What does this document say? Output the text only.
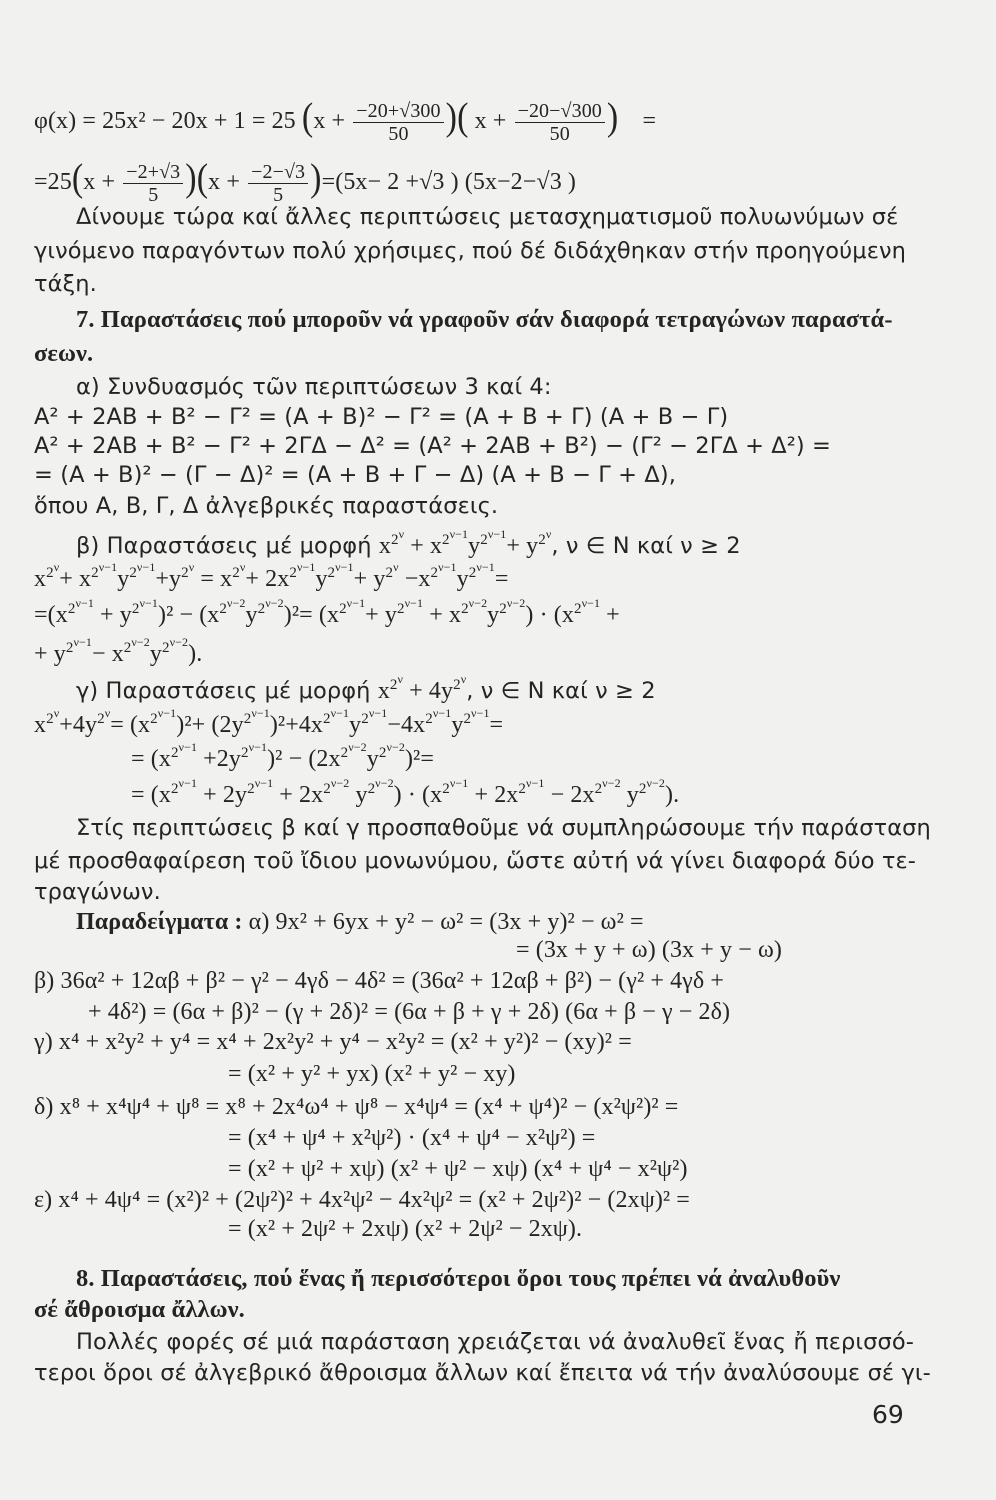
φ(x) = 25x² − 20x + 1 = 25 ($x + \frac{-20+√300}{50}$ )( $x + \frac{-20-√300}{50}$ ) =
$=25(x + \frac{-2+√3}{5} )(x + \frac{-2-√3}{5} )=(5x- 2 +√3$ ) (5x−2−√3 )
Δίνουμε τώρα καί ἄλλες περιπτώσεις μετασχηματισμοῦ πολυωνύμων σέ
γινόμενο παραγόντων πολύ χρήσιμες, πού δέ διδάχθηκαν στήν προηγούμενη
τάξη.
7. Παραστάσεις πού μποροῦν νά γραφοῦν σάν διαφορά τετραγώνων παραστά-
σεων.
α) Συνδυασμός τῶν περιπτώσεων 3 καί 4:
A² + 2AB + B² − Γ² = (A + B)² − Γ² = (A + B + Γ) (A + B − Γ)
A² + 2AB + B² − Γ² + 2ΓΔ − Δ² = (A² + 2AB + B²) − (Γ² − 2ΓΔ + Δ²) =
= (A + B)² − (Γ − Δ)² = (A + B + Γ − Δ) (A + B − Γ + Δ),
ὅπου A, B, Γ, Δ ἀλγεβρικές παραστάσεις.
β) Παραστάσεις μέ μορφή $x^{2^\nu} + x^{2^{\nu-1}}y^{2^{\nu-1}}+ y^{2^\nu}$, ν ∈ N καί ν ≥ 2
$x^{2^\nu}+ x^{2^{\nu-1}}y^{2^{\nu-1}}+y^{2^\nu} = x^{2^\nu}+ 2x^{2^{\nu-1}}y^{2^{\nu-1}}+ y^{2^\nu} -x^{2^{\nu-1}}y^{2^{\nu-1}}=$
$=(x^{2^{\nu-1}} + y^{2^{\nu-1}})^2 - (x^{2^{\nu-2}}y^{2^{\nu-2}})^2= (x^{2^{\nu-1}}+ y^{2^{\nu-1}} + x^{2^{\nu-2}}y^{2^{\nu-2}}) \cdot (x^{2^{\nu-1}}$ +
+ $y^{2^{\nu-1}}- x^{2^{\nu-2}}y^{2^{\nu-2}}$).
γ) Παραστάσεις μέ μορφή $x^{2^\nu} + 4y^{2^\nu}$, ν ∈ N καί ν ≥ 2
$x^{2^\nu}+4y^{2^\nu}= (x^{2^{\nu-1}})^2+ (2y^{2^{\nu-1}})^2+4x^{2^{\nu-1}}y^{2^{\nu-1}}-4x^{2^{\nu-1}}y^{2^{\nu-1}}=$
= $(x^{2^{\nu-1}} +2y^{2^{\nu-1}})^2 - (2x^{2^{\nu-2}}y^{2^{\nu-2}})^2=$
= ($x^{2^{\nu-1}} + 2y^{2^{\nu-1}} + 2x^{2^{\nu-2}}$ $y^{2^{\nu-2}}) \cdot (x^{2^{\nu-1}} + 2x^{2^{\nu-1}} - 2x^{2^{\nu-2}}$ $y^{2^{\nu-2}}$).
Στίς περιπτώσεις β καί γ προσπαθοῦμε νά συμπληρώσουμε τήν παράσταση
μέ προσθαφαίρεση τοῦ ἴδιου μονωνύμου, ὥστε αὐτή νά γίνει διαφορά δύο τε-
τραγώνων.
Παραδείγματα : α) 9x² + 6yx + y² − ω² = (3x + y)² − ω² =
= (3x + y + ω) (3x + y − ω)
β) 36α² + 12αβ + β² − γ² − 4γδ − 4δ² = (36α² + 12αβ + β²) − (γ² + 4γδ +
+ 4δ²) = (6α + β)² − (γ + 2δ)² = (6α + β + γ + 2δ) (6α + β − γ − 2δ)
γ) x⁴ + x²y² + y⁴ = x⁴ + 2x²y² + y⁴ − x²y² = (x² + y²)² − (xy)² =
= (x² + y² + yx) (x² + y² − xy)
δ) x⁸ + x⁴ψ⁴ + ψ⁸ = x⁸ + 2x⁴ω⁴ + ψ⁸ − x⁴ψ⁴ = (x⁴ + ψ⁴)² − (x²ψ²)² =
= (x⁴ + ψ⁴ + x²ψ²) · (x⁴ + ψ⁴ − x²ψ²) =
= (x² + ψ² + xψ) (x² + ψ² − xψ) (x⁴ + ψ⁴ − x²ψ²)
ε) x⁴ + 4ψ⁴ = (x²)² + (2ψ²)² + 4x²ψ² − 4x²ψ² = (x² + 2ψ²)² − (2xψ)² =
= (x² + 2ψ² + 2xψ) (x² + 2ψ² − 2xψ).
8. Παραστάσεις, πού ἕνας ἤ περισσότεροι ὅροι τους πρέπει νά ἀναλυθοῦν
σέ ἄθροισμα ἄλλων.
Πολλές φορές σέ μιά παράσταση χρειάζεται νά ἀναλυθεῖ ἕνας ἤ περισσό-
τεροι ὅροι σέ ἀλγεβρικό ἄθροισμα ἄλλων καί ἔπειτα νά τήν ἀναλύσουμε σέ γι-
69
